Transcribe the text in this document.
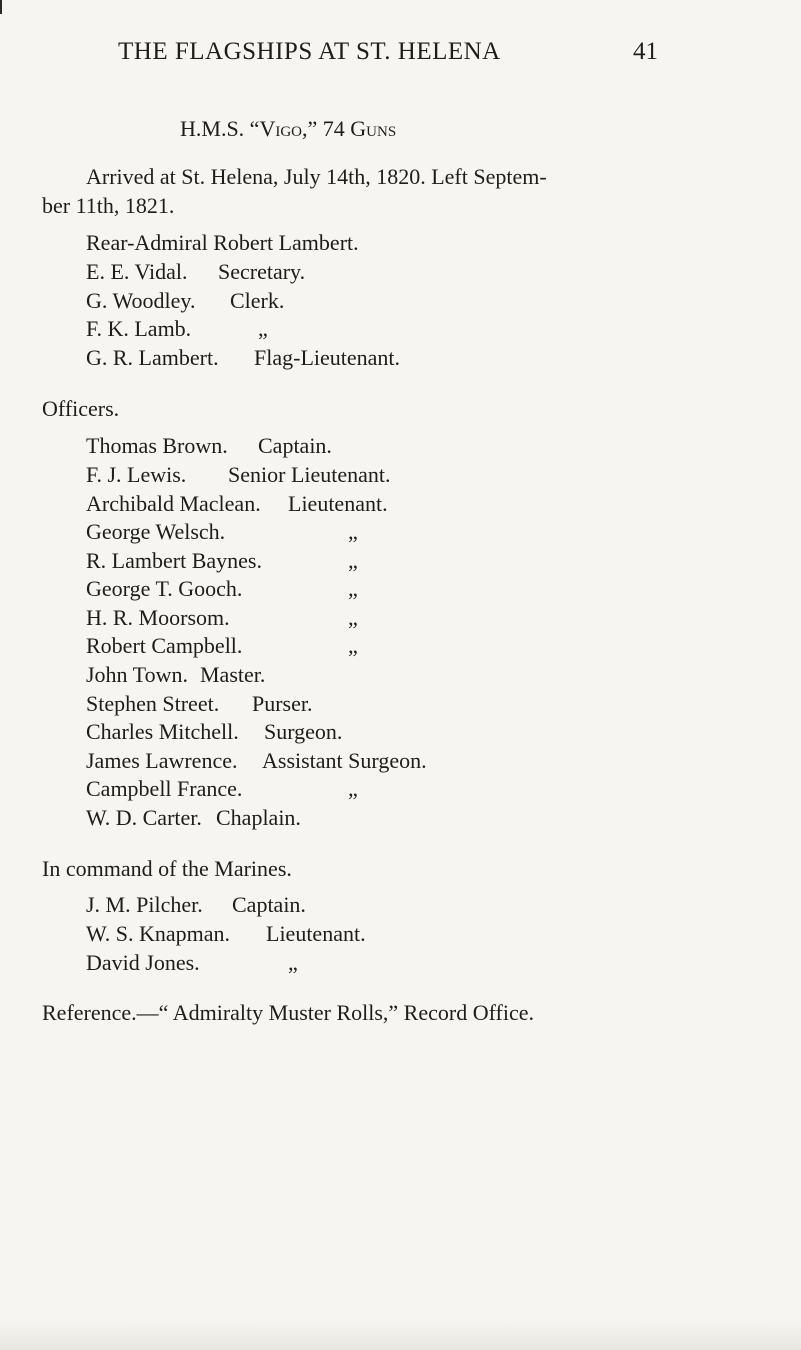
THE FLAGSHIPS AT ST. HELENA	41
H.M.S. “Vigo,” 74 Guns
Arrived at St. Helena, July 14th, 1820. Left Septem-
ber 11th, 1821.
Rear-Admiral Robert Lambert.
E. E. Vidal. Secretary.
G. Woodley. Clerk.
F. K. Lamb.	„
G. R. Lambert. Flag-Lieutenant.
Officers.
Thomas Brown. Captain.
F. J. Lewis. Senior Lieutenant.
Archibald Maclean. Lieutenant.
George Welsch.	„
R. Lambert Baynes.	„
George T. Gooch.	„
H. R. Moorsom.	„
Robert Campbell.	„
John Town. Master.
Stephen Street. Purser.
Charles Mitchell. Surgeon.
James Lawrence. Assistant Surgeon.
Campbell France.	„
W. D. Carter. Chaplain.
In command of the Marines.
J. M. Pilcher. Captain.
W. S. Knapman. Lieutenant.
David Jones.	„
Reference.—“ Admiralty Muster Rolls,” Record Office.
